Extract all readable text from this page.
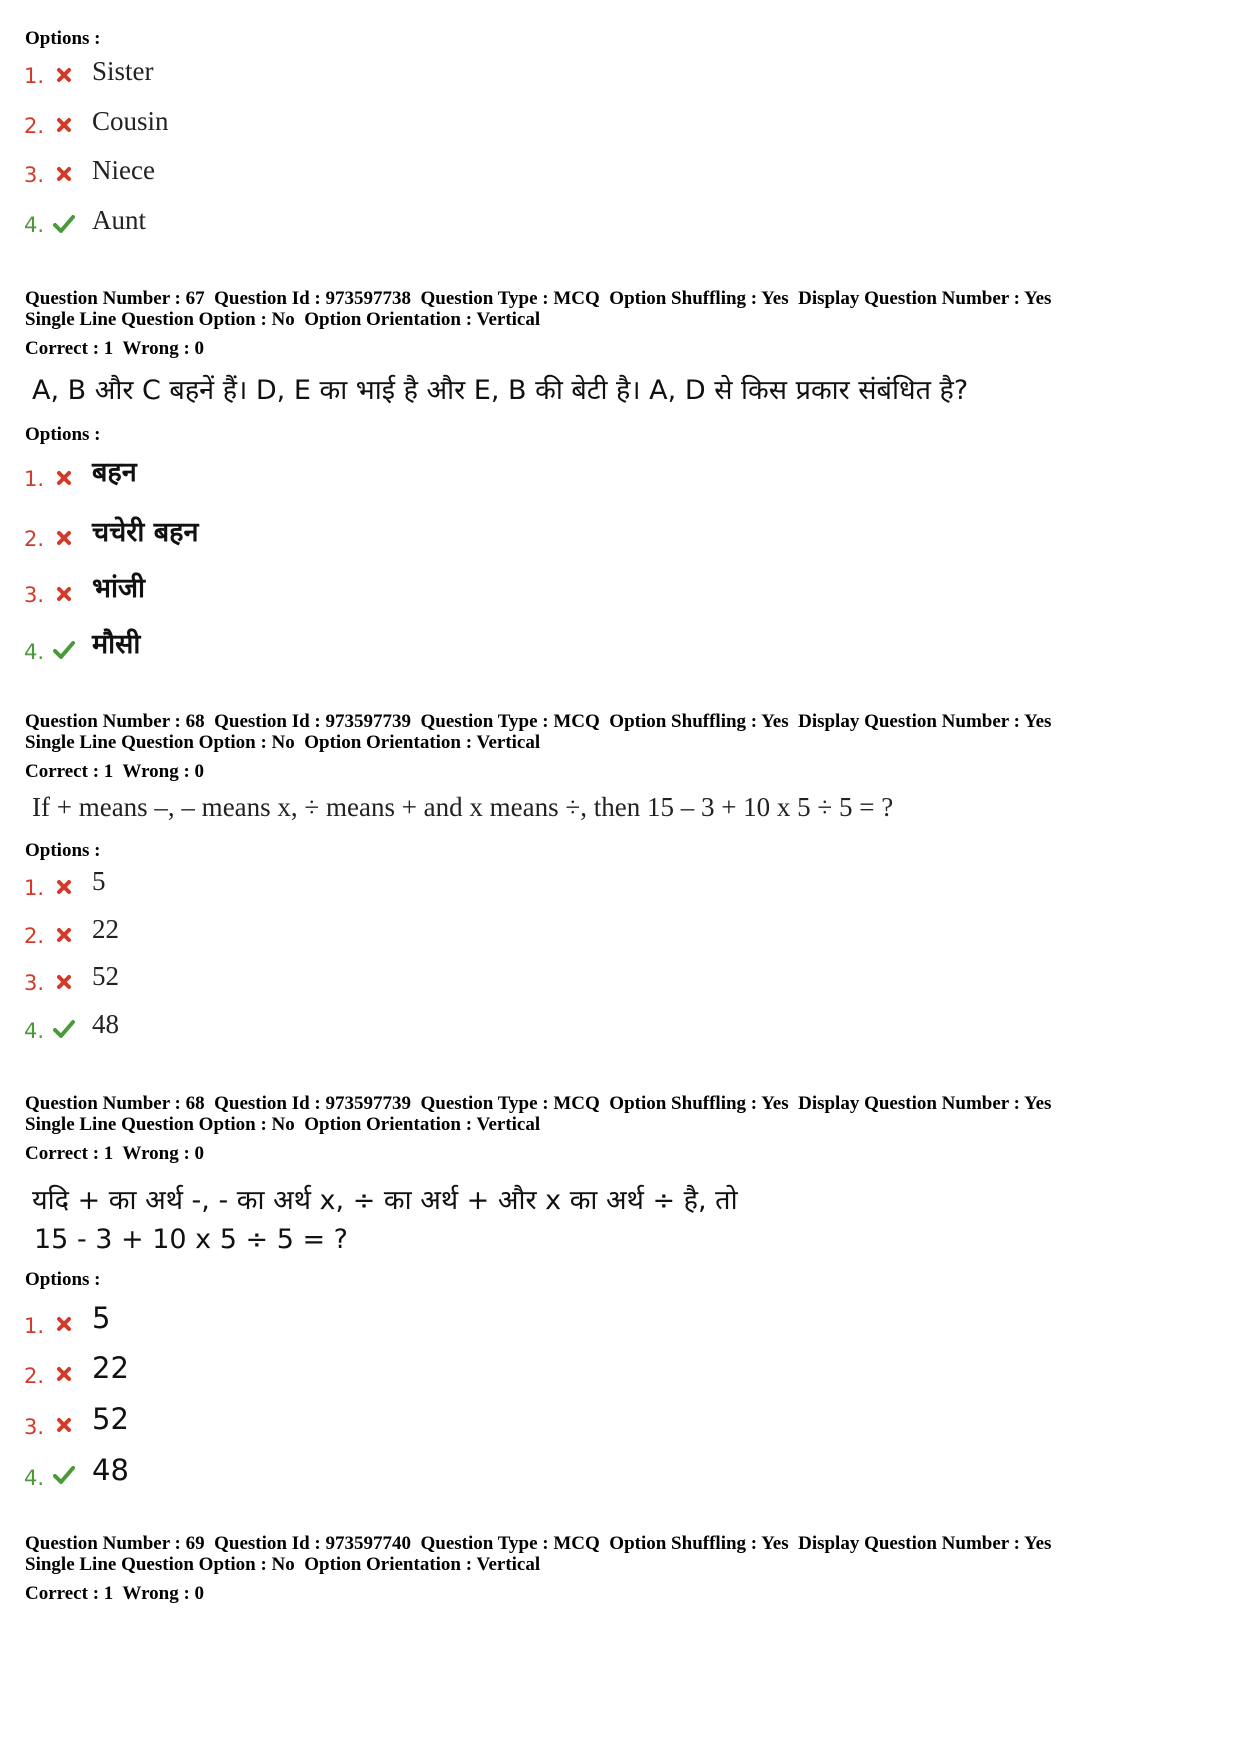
Options :
1. Sister
2. Cousin
3. Niece
4. Aunt
Question Number : 67  Question Id : 973597738  Question Type : MCQ  Option Shuffling : Yes  Display Question Number : Yes
Single Line Question Option : No  Option Orientation : Vertical
Correct : 1  Wrong : 0
A, B और C बहनें हैं। D, E का भाई है और E, B की बेटी है। A, D से किस प्रकार संबंधित है?
Options :
1. बहन
2. चचेरी बहन
3. भांजी
4. मौसी
Question Number : 68  Question Id : 973597739  Question Type : MCQ  Option Shuffling : Yes  Display Question Number : Yes
Single Line Question Option : No  Option Orientation : Vertical
Correct : 1  Wrong : 0
If + means –, – means x, ÷ means + and x means ÷, then 15 – 3 + 10 x 5 ÷ 5 = ?
Options :
1. 5
2. 22
3. 52
4. 48
Question Number : 68  Question Id : 973597739  Question Type : MCQ  Option Shuffling : Yes  Display Question Number : Yes
Single Line Question Option : No  Option Orientation : Vertical
Correct : 1  Wrong : 0
यदि + का अर्थ -, - का अर्थ x, ÷ का अर्थ + और x का अर्थ ÷ है, तो
15 - 3 + 10 x 5 ÷ 5 = ?
Options :
1. 5
2. 22
3. 52
4. 48
Question Number : 69  Question Id : 973597740  Question Type : MCQ  Option Shuffling : Yes  Display Question Number : Yes
Single Line Question Option : No  Option Orientation : Vertical
Correct : 1  Wrong : 0
